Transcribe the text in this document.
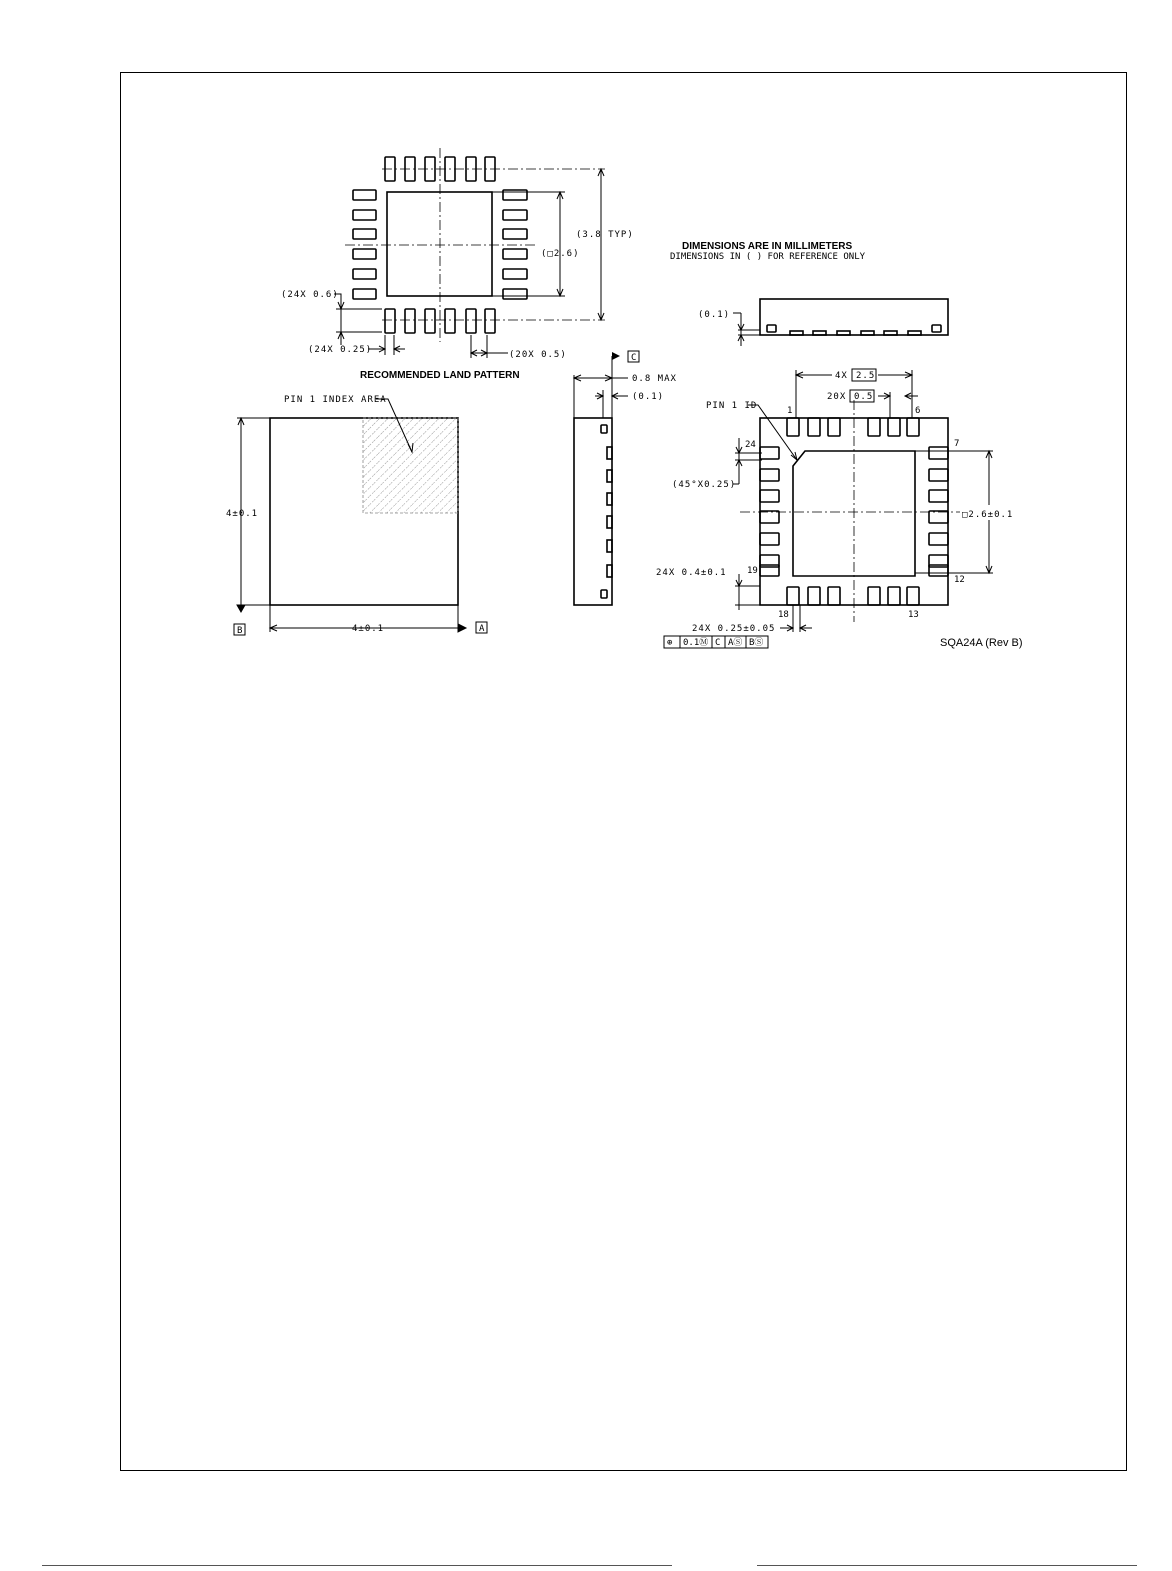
(3.8 TYP)
(□2.6)
(24X 0.6)
(24X 0.25)	(20X 0.5)
RECOMMENDED LAND PATTERN
DIMENSIONS ARE IN MILLIMETERS
DIMENSIONS IN ( ) FOR REFERENCE ONLY
PIN 1 INDEX AREA
4±0.1
B	4±0.1	A
C
0.8 MAX
(0.1)
(0.1)
1	6
7
12
13
18
19
24
PIN 1 ID
4X 2.5
20X 0.5
(45°X0.25)
□2.6±0.1
24X 0.4±0.1
24X 0.25±0.05
⊕ 0.1Ⓜ C AⓈ BⓈ	SQA24A (Rev B)
